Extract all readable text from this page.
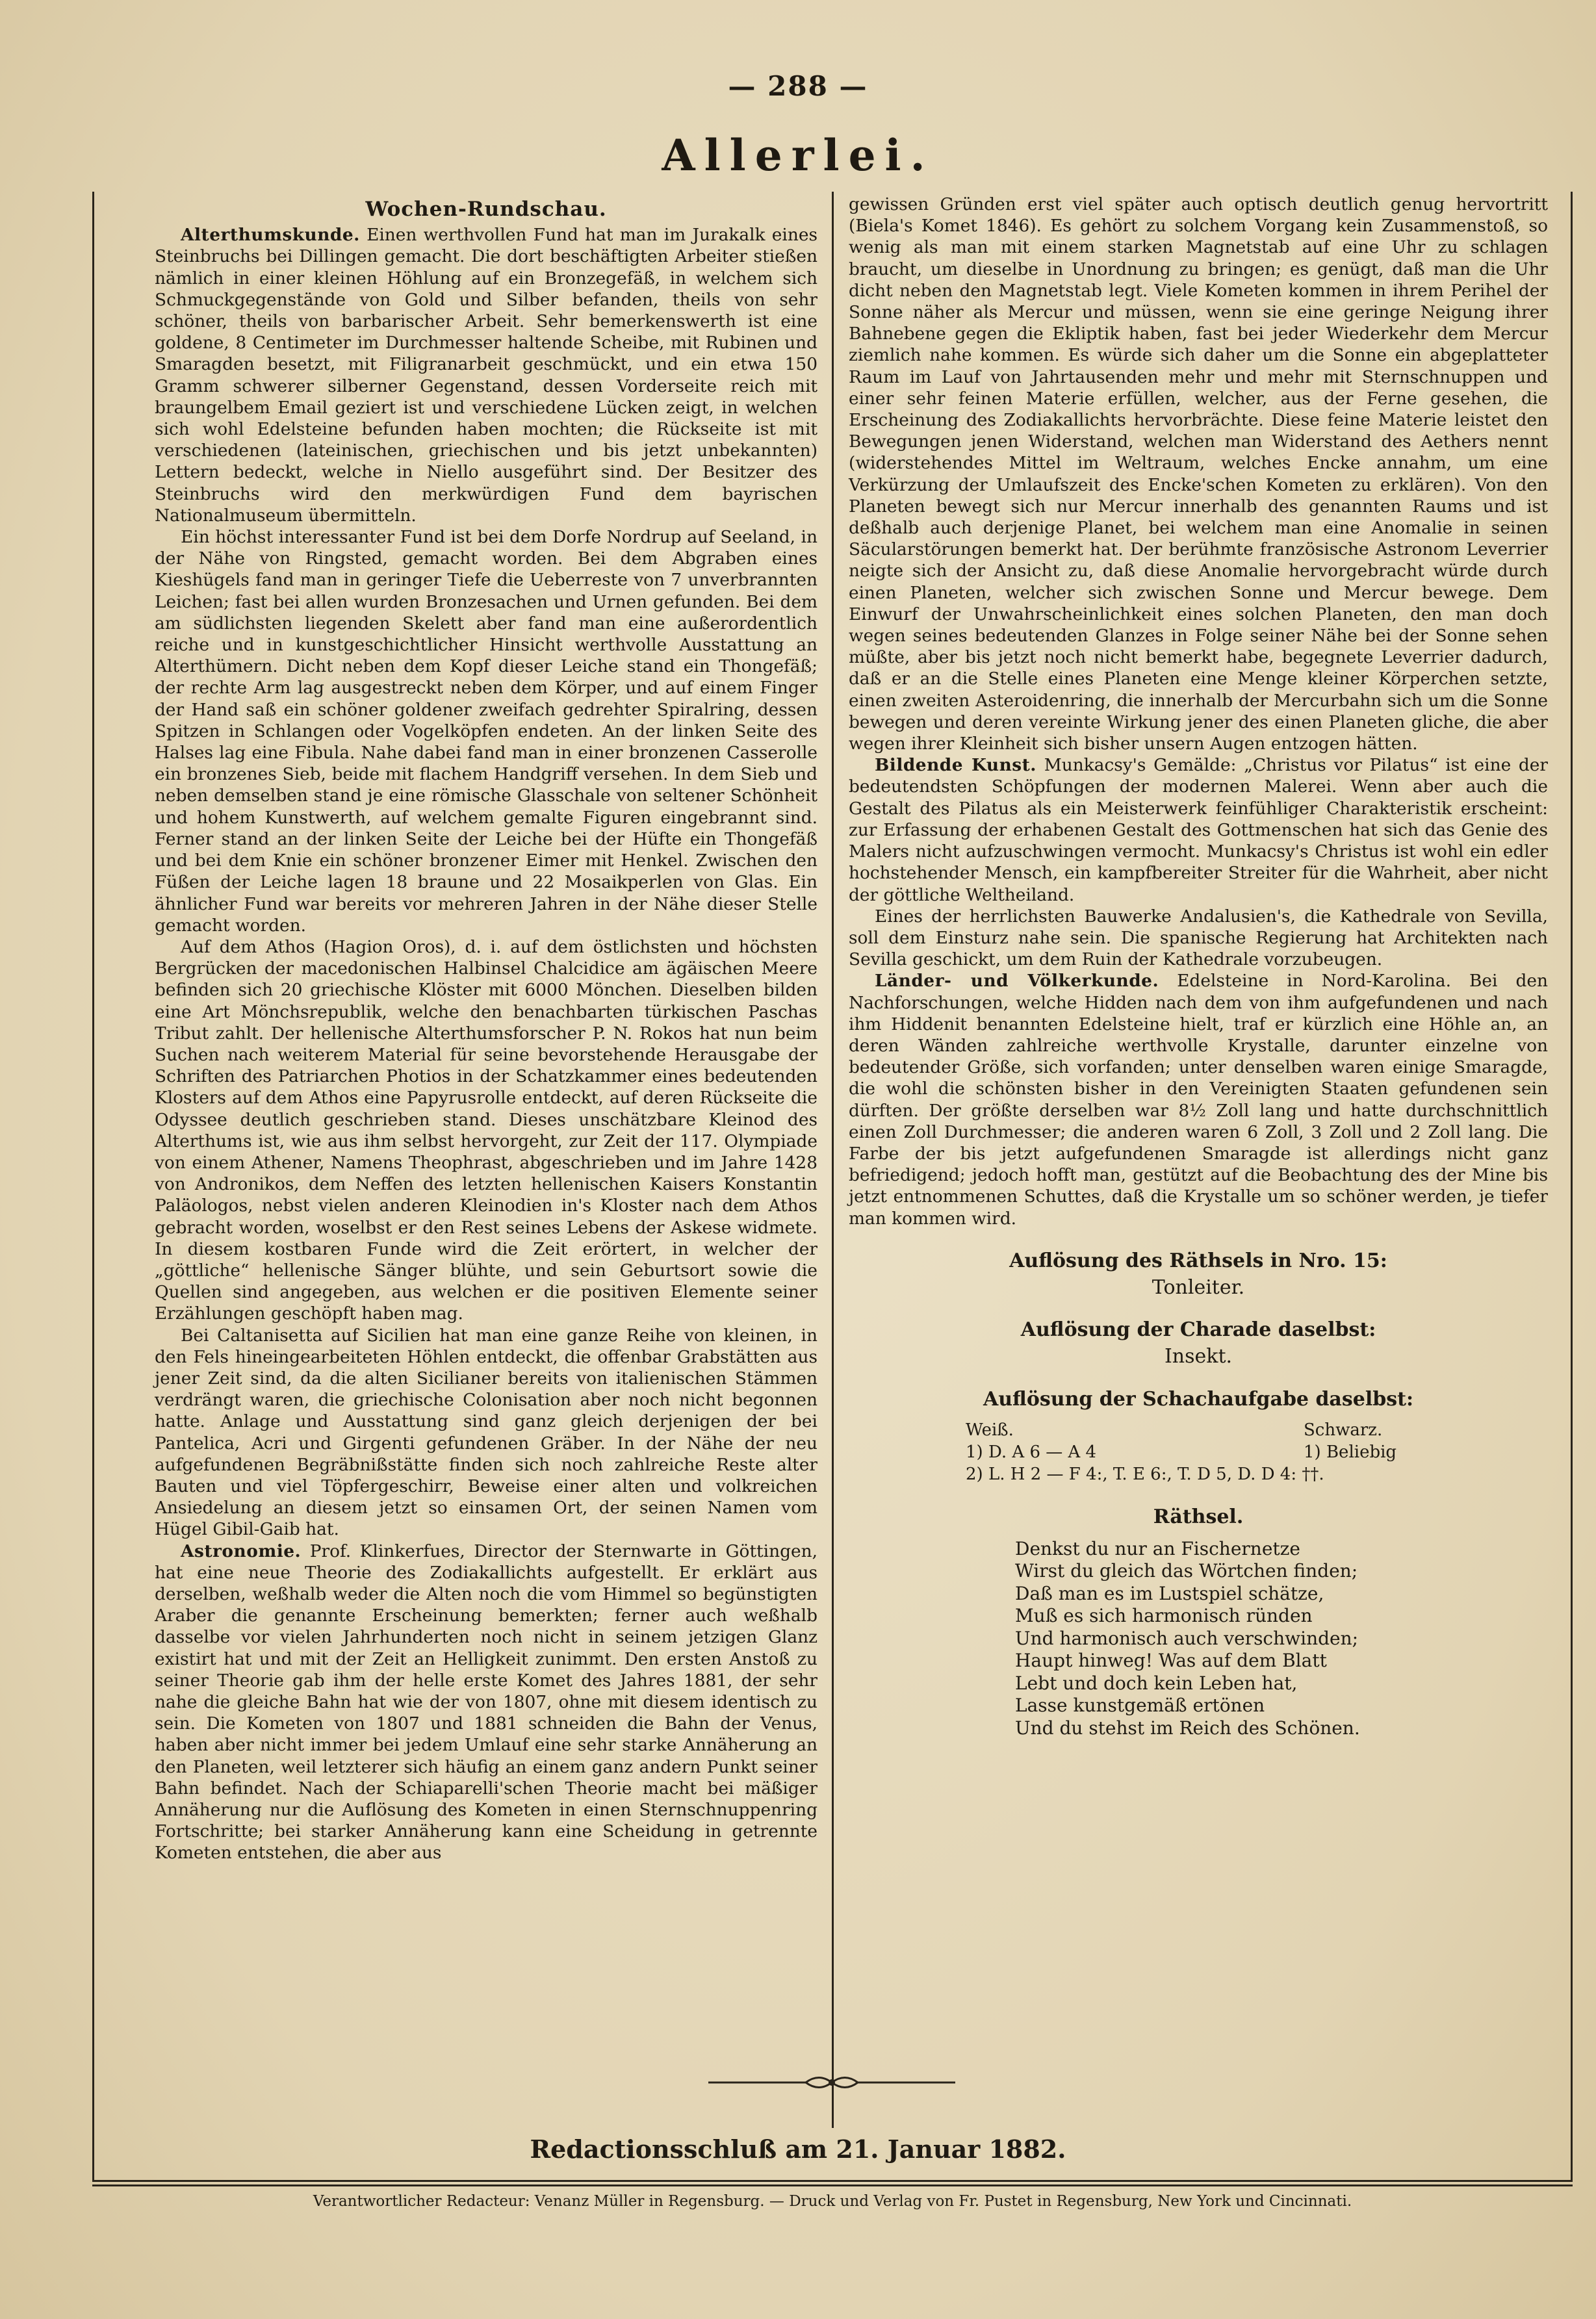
— 288 —
Allerlei.
Wochen-Rundschau.

Alterthumskunde. Einen werthvollen Fund hat man im Jurakalk eines Steinbruchs bei Dillingen gemacht. Die dort beschäftigten Arbeiter stießen nämlich in einer kleinen Höhlung auf ein Bronzegefäß, in welchem sich Schmuckgegenstände von Gold und Silber befanden, theils von sehr schöner, theils von barbarischer Arbeit. Sehr bemerkenswerth ist eine goldene, 8 Centimeter im Durchmesser haltende Scheibe, mit Rubinen und Smaragden besetzt, mit Filigranarbeit geschmückt, und ein etwa 150 Gramm schwerer silberner Gegenstand, dessen Vorderseite reich mit braungelbem Email geziert ist und verschiedene Lücken zeigt, in welchen sich wohl Edelsteine befunden haben mochten; die Rückseite ist mit verschiedenen (lateinischen, griechischen und bis jetzt unbekannten) Lettern bedeckt, welche in Niello ausgeführt sind. Der Besitzer des Steinbruchs wird den merkwürdigen Fund dem bayrischen Nationalmuseum übermitteln.

Ein höchst interessanter Fund ist bei dem Dorfe Nordrup auf Seeland, in der Nähe von Ringsted, gemacht worden. Bei dem Abgraben eines Kieshügels fand man in geringer Tiefe die Ueberreste von 7 unverbrannten Leichen; fast bei allen wurden Bronzesachen und Urnen gefunden. Bei dem am südlichsten liegenden Skelett aber fand man eine außerordentlich reiche und in kunstgeschichtlicher Hinsicht werthvolle Ausstattung an Alterthümern. Dicht neben dem Kopf dieser Leiche stand ein Thongefäß; der rechte Arm lag ausgestreckt neben dem Körper, und auf einem Finger der Hand saß ein schöner goldener zweifach gedrehter Spiralring, dessen Spitzen in Schlangen oder Vogelköpfen endeten. An der linken Seite des Halses lag eine Fibula. Nahe dabei fand man in einer bronzenen Casserolle ein bronzenes Sieb, beide mit flachem Handgriff versehen. In dem Sieb und neben demselben stand je eine römische Glasschale von seltener Schönheit und hohem Kunstwerth, auf welchem gemalte Figuren eingebrannt sind. Ferner stand an der linken Seite der Leiche bei der Hüfte ein Thongefäß und bei dem Knie ein schöner bronzener Eimer mit Henkel. Zwischen den Füßen der Leiche lagen 18 braune und 22 Mosaikperlen von Glas. Ein ähnlicher Fund war bereits vor mehreren Jahren in der Nähe dieser Stelle gemacht worden.

Auf dem Athos (Hagion Oros), d. i. auf dem östlichsten und höchsten Bergrücken der macedonischen Halbinsel Chalcidice am ägäischen Meere befinden sich 20 griechische Klöster mit 6000 Mönchen. Dieselben bilden eine Art Mönchsrepublik, welche den benachbarten türkischen Paschas Tribut zahlt. Der hellenische Alterthumsforscher P. N. Rokos hat nun beim Suchen nach weiterem Material für seine bevorstehende Herausgabe der Schriften des Patriarchen Photios in der Schatzkammer eines bedeutenden Klosters auf dem Athos eine Papyrusrolle entdeckt, auf deren Rückseite die Odyssee deutlich geschrieben stand. Dieses unschätzbare Kleinod des Alterthums ist, wie aus ihm selbst hervorgeht, zur Zeit der 117. Olympiade von einem Athener, Namens Theophrast, abgeschrieben und im Jahre 1428 von Andronikos, dem Neffen des letzten hellenischen Kaisers Konstantin Paläologos, nebst vielen anderen Kleinodien in's Kloster nach dem Athos gebracht worden, woselbst er den Rest seines Lebens der Askese widmete. In diesem kostbaren Funde wird die Zeit erörtert, in welcher der „göttliche“ hellenische Sänger blühte, und sein Geburtsort sowie die Quellen sind angegeben, aus welchen er die positiven Elemente seiner Erzählungen geschöpft haben mag.

Bei Caltanisetta auf Sicilien hat man eine ganze Reihe von kleinen, in den Fels hineingearbeiteten Höhlen entdeckt, die offenbar Grabstätten aus jener Zeit sind, da die alten Sicilianer bereits von italienischen Stämmen verdrängt waren, die griechische Colonisation aber noch nicht begonnen hatte. Anlage und Ausstattung sind ganz gleich derjenigen der bei Pantelica, Acri und Girgenti gefundenen Gräber. In der Nähe der neu aufgefundenen Begräbnißstätte finden sich noch zahlreiche Reste alter Bauten und viel Töpfergeschirr, Beweise einer alten und volkreichen Ansiedelung an diesem jetzt so einsamen Ort, der seinen Namen vom Hügel Gibil-Gaib hat.

Astronomie. Prof. Klinkerfues, Director der Sternwarte in Göttingen, hat eine neue Theorie des Zodiakallichts aufgestellt. Er erklärt aus derselben, weßhalb weder die Alten noch die vom Himmel so begünstigten Araber die genannte Erscheinung bemerkten; ferner auch weßhalb dasselbe vor vielen Jahrhunderten noch nicht in seinem jetzigen Glanz existirt hat und mit der Zeit an Helligkeit zunimmt. Den ersten Anstoß zu seiner Theorie gab ihm der helle erste Komet des Jahres 1881, der sehr nahe die gleiche Bahn hat wie der von 1807, ohne mit diesem identisch zu sein. Die Kometen von 1807 und 1881 schneiden die Bahn der Venus, haben aber nicht immer bei jedem Umlauf eine sehr starke Annäherung an den Planeten, weil letzterer sich häufig an einem ganz andern Punkt seiner Bahn befindet. Nach der Schiaparelli'schen Theorie macht bei mäßiger Annäherung nur die Auflösung des Kometen in einen Sternschnuppenring Fortschritte; bei starker Annäherung kann eine Scheidung in getrennte Kometen entstehen, die aber aus

gewissen Gründen erst viel später auch optisch deutlich genug hervortritt (Biela's Komet 1846). Es gehört zu solchem Vorgang kein Zusammenstoß, so wenig als man mit einem starken Magnetstab auf eine Uhr zu schlagen braucht, um dieselbe in Unordnung zu bringen; es genügt, daß man die Uhr dicht neben den Magnetstab legt. Viele Kometen kommen in ihrem Perihel der Sonne näher als Mercur und müssen, wenn sie eine geringe Neigung ihrer Bahnebene gegen die Ekliptik haben, fast bei jeder Wiederkehr dem Mercur ziemlich nahe kommen. Es würde sich daher um die Sonne ein abgeplatteter Raum im Lauf von Jahrtausenden mehr und mehr mit Sternschnuppen und einer sehr feinen Materie erfüllen, welcher, aus der Ferne gesehen, die Erscheinung des Zodiakallichts hervorbrächte. Diese feine Materie leistet den Bewegungen jenen Widerstand, welchen man Widerstand des Aethers nennt (widerstehendes Mittel im Weltraum, welches Encke annahm, um eine Verkürzung der Umlaufszeit des Encke'schen Kometen zu erklären). Von den Planeten bewegt sich nur Mercur innerhalb des genannten Raums und ist deßhalb auch derjenige Planet, bei welchem man eine Anomalie in seinen Säcularstörungen bemerkt hat. Der berühmte französische Astronom Leverrier neigte sich der Ansicht zu, daß diese Anomalie hervorgebracht würde durch einen Planeten, welcher sich zwischen Sonne und Mercur bewege. Dem Einwurf der Unwahrscheinlichkeit eines solchen Planeten, den man doch wegen seines bedeutenden Glanzes in Folge seiner Nähe bei der Sonne sehen müßte, aber bis jetzt noch nicht bemerkt habe, begegnete Leverrier dadurch, daß er an die Stelle eines Planeten eine Menge kleiner Körperchen setzte, einen zweiten Asteroidenring, die innerhalb der Mercurbahn sich um die Sonne bewegen und deren vereinte Wirkung jener des einen Planeten gliche, die aber wegen ihrer Kleinheit sich bisher unsern Augen entzogen hätten.

Bildende Kunst. Munkacsy's Gemälde: „Christus vor Pilatus“ ist eine der bedeutendsten Schöpfungen der modernen Malerei. Wenn aber auch die Gestalt des Pilatus als ein Meisterwerk feinfühliger Charakteristik erscheint: zur Erfassung der erhabenen Gestalt des Gottmenschen hat sich das Genie des Malers nicht aufzuschwingen vermocht. Munkacsy's Christus ist wohl ein edler hochstehender Mensch, ein kampfbereiter Streiter für die Wahrheit, aber nicht der göttliche Weltheiland.

Eines der herrlichsten Bauwerke Andalusien's, die Kathedrale von Sevilla, soll dem Einsturz nahe sein. Die spanische Regierung hat Architekten nach Sevilla geschickt, um dem Ruin der Kathedrale vorzubeugen.

Länder- und Völkerkunde. Edelsteine in Nord-Karolina. Bei den Nachforschungen, welche Hidden nach dem von ihm aufgefundenen und nach ihm Hiddenit benannten Edelsteine hielt, traf er kürzlich eine Höhle an, an deren Wänden zahlreiche werthvolle Krystalle, darunter einzelne von bedeutender Größe, sich vorfanden; unter denselben waren einige Smaragde, die wohl die schönsten bisher in den Vereinigten Staaten gefundenen sein dürften. Der größte derselben war 8½ Zoll lang und hatte durchschnittlich einen Zoll Durchmesser; die anderen waren 6 Zoll, 3 Zoll und 2 Zoll lang. Die Farbe der bis jetzt aufgefundenen Smaragde ist allerdings nicht ganz befriedigend; jedoch hofft man, gestützt auf die Beobachtung des der Mine bis jetzt entnommenen Schuttes, daß die Krystalle um so schöner werden, je tiefer man kommen wird.

Auflösung des Räthsels in Nro. 15:
Tonleiter.
Auflösung der Charade daselbst:
Insekt.
Auflösung der Schachaufgabe daselbst:
Weiß.	Schwarz.
1) D. A 6 — A 4	1) Beliebig
2) L. H 2 — F 4:, T. E 6:, T. D 5, D. D 4: ††.
Räthsel.
Denkst du nur an Fischernetze
Wirst du gleich das Wörtchen finden;
Daß man es im Lustspiel schätze,
Muß es sich harmonisch ründen
Und harmonisch auch verschwinden;
Haupt hinweg! Was auf dem Blatt
Lebt und doch kein Leben hat,
Lasse kunstgemäß ertönen
Und du stehst im Reich des Schönen.
Redactionsschluß am 21. Januar 1882.
Verantwortlicher Redacteur: Venanz Müller in Regensburg. — Druck und Verlag von Fr. Pustet in Regensburg, New York und Cincinnati.
